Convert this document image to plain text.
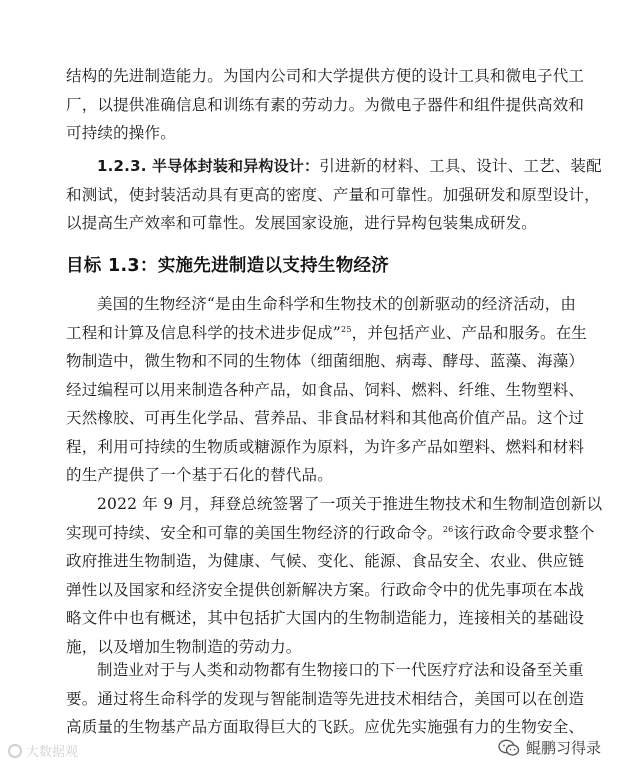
结构的先进制造能力。为国内公司和大学提供方便的设计工具和微电子代工
厂，以提供准确信息和训练有素的劳动力。为微电子器件和组件提供高效和
可持续的操作。
1.2.3. 半导体封装和异构设计：引进新的材料、工具、设计、工艺、装配
和测试，使封装活动具有更高的密度、产量和可靠性。加强研发和原型设计，
以提高生产效率和可靠性。发展国家设施，进行异构包装集成研发。
目标 1.3：实施先进制造以支持生物经济
美国的生物经济“是由生命科学和生物技术的创新驱动的经济活动，由
工程和计算及信息科学的技术进步促成”$^{25}$，并包括产业、产品和服务。在生
物制造中，微生物和不同的生物体（细菌细胞、病毒、酵母、蓝藻、海藻）
经过编程可以用来制造各种产品，如食品、饲料、燃料、纤维、生物塑料、
天然橡胶、可再生化学品、营养品、非食品材料和其他高价值产品。这个过
程，利用可持续的生物质或糖源作为原料，为许多产品如塑料、燃料和材料
的生产提供了一个基于石化的替代品。
2022 年 9 月，拜登总统签署了一项关于推进生物技术和生物制造创新以
实现可持续、安全和可靠的美国生物经济的行政命令。$^{26}$该行政命令要求整个
政府推进生物制造，为健康、气候、变化、能源、食品安全、农业、供应链
弹性以及国家和经济安全提供创新解决方案。行政命令中的优先事项在本战
略文件中也有概述，其中包括扩大国内的生物制造能力，连接相关的基础设
施，以及增加生物制造的劳动力。
制造业对于与人类和动物都有生物接口的下一代医疗疗法和设备至关重
要。通过将生命科学的发现与智能制造等先进技术相结合，美国可以在创造
高质量的生物基产品方面取得巨大的飞跃。应优先实施强有力的生物安全、
大数据观	鲲鹏习得录
